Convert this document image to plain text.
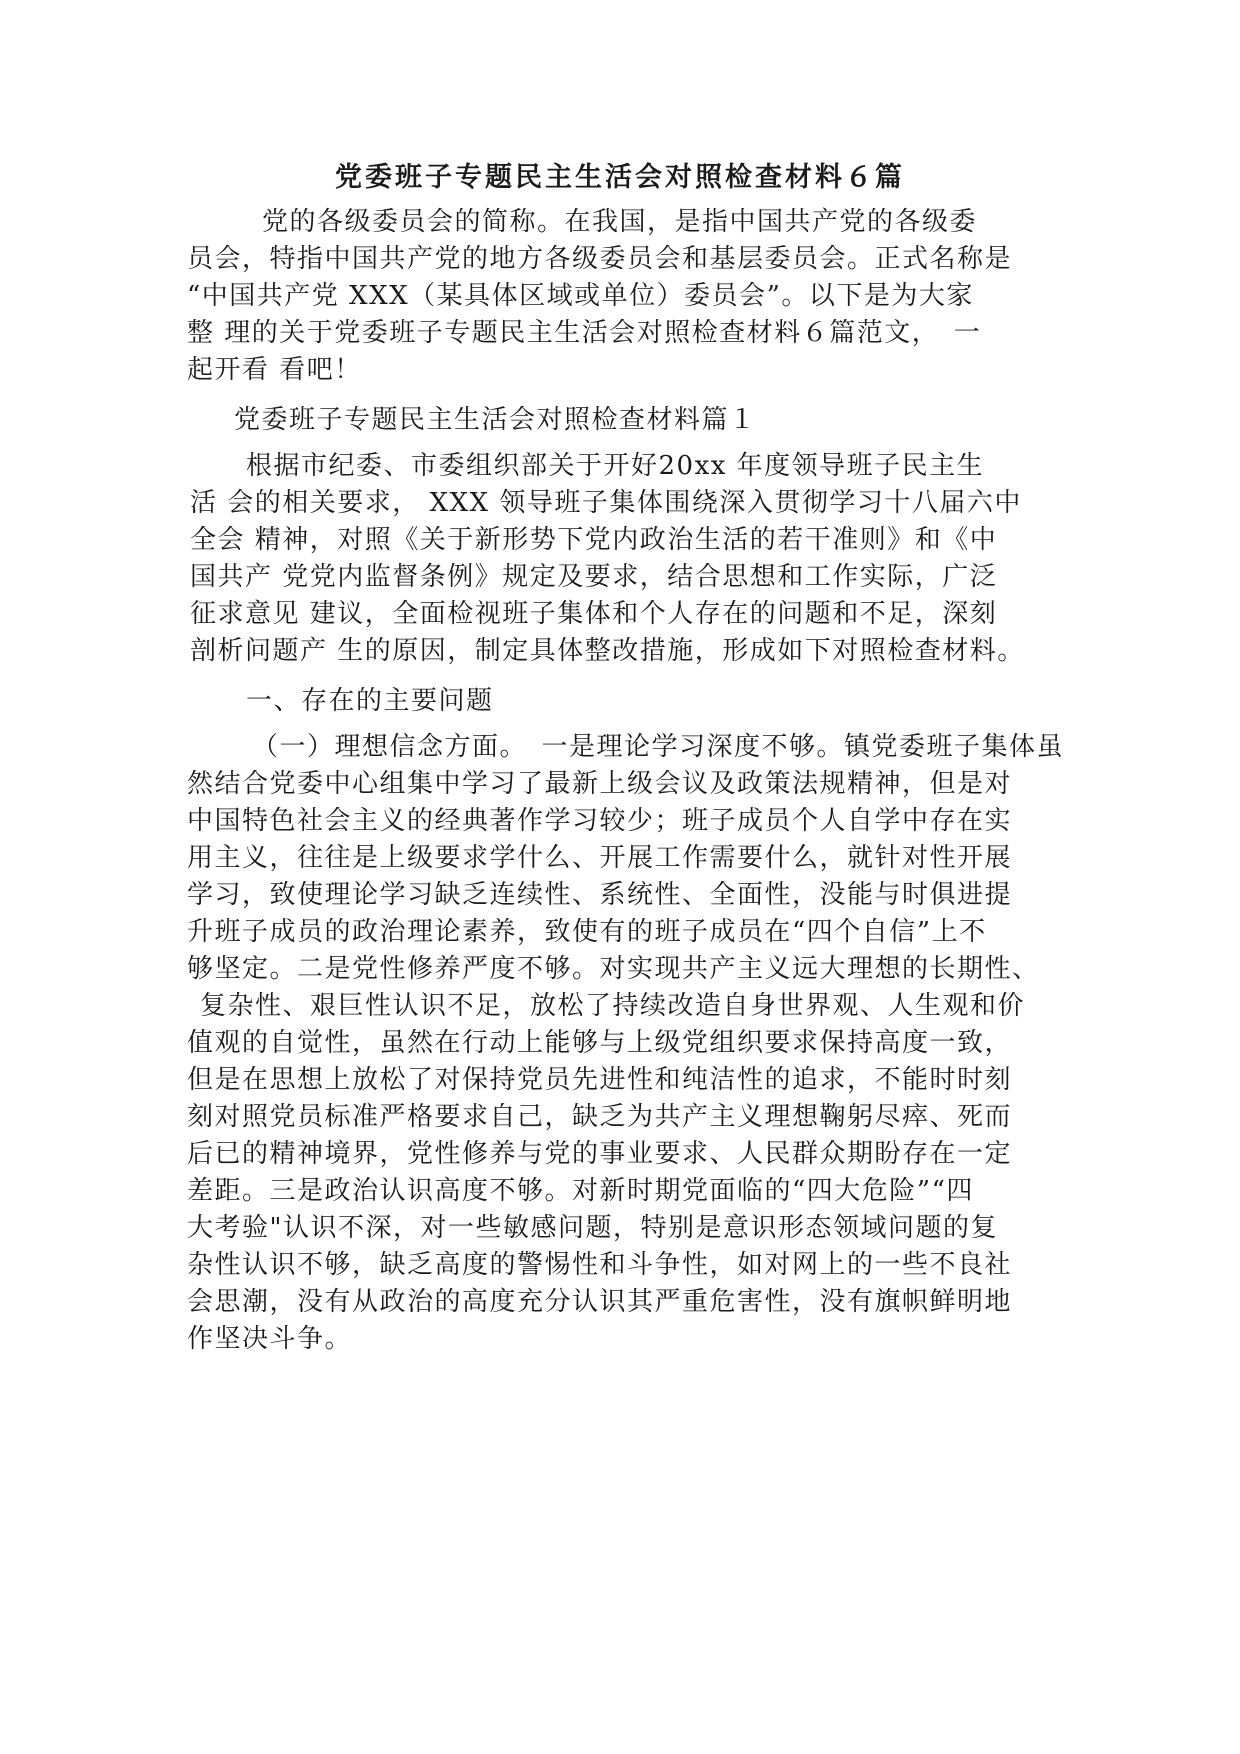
党委班子专题民主生活会对照检查材料６篇
党的各级委员会的简称。在我国，是指中国共产党的各级委
员会，特指中国共产党的地方各级委员会和基层委员会。正式名称是
“中国共产党 XXX（某具体区域或单位）委员会”。以下是为大家
整 理的关于党委班子专题民主生活会对照检查材料６篇范文，　一
起开看 看吧！
党委班子专题民主生活会对照检查材料篇１
根据市纪委、市委组织部关于开好20xx 年度领导班子民主生
活 会的相关要求， XXX 领导班子集体围绕深入贯彻学习十八届六中
全会 精神，对照《关于新形势下党内政治生活的若干准则》和《中
国共产 党党内监督条例》规定及要求，结合思想和工作实际，广泛
征求意见 建议，全面检视班子集体和个人存在的问题和不足，深刻
剖析问题产 生的原因，制定具体整改措施，形成如下对照检查材料。
一、存在的主要问题
（一）理想信念方面。　一是理论学习深度不够。镇党委班子集体虽
然结合党委中心组集中学习了最新上级会议及政策法规精神，但是对
中国特色社会主义的经典著作学习较少；班子成员个人自学中存在实
用主义，往往是上级要求学什么、开展工作需要什么，就针对性开展
学习，致使理论学习缺乏连续性、系统性、全面性，没能与时俱进提
升班子成员的政治理论素养，致使有的班子成员在“四个自信”上不
够坚定。二是党性修养严度不够。对实现共产主义远大理想的长期性、
复杂性、艰巨性认识不足，放松了持续改造自身世界观、人生观和价
值观的自觉性，虽然在行动上能够与上级党组织要求保持高度一致，
但是在思想上放松了对保持党员先进性和纯洁性的追求，不能时时刻
刻对照党员标准严格要求自己，缺乏为共产主义理想鞠躬尽瘁、死而
后已的精神境界，党性修养与党的事业要求、人民群众期盼存在一定
差距。三是政治认识高度不够。对新时期党面临的“四大危险”“四
大考验"认识不深，对一些敏感问题，特别是意识形态领域问题的复
杂性认识不够，缺乏高度的警惕性和斗争性，如对网上的一些不良社
会思潮，没有从政治的高度充分认识其严重危害性，没有旗帜鲜明地
作坚决斗争。
